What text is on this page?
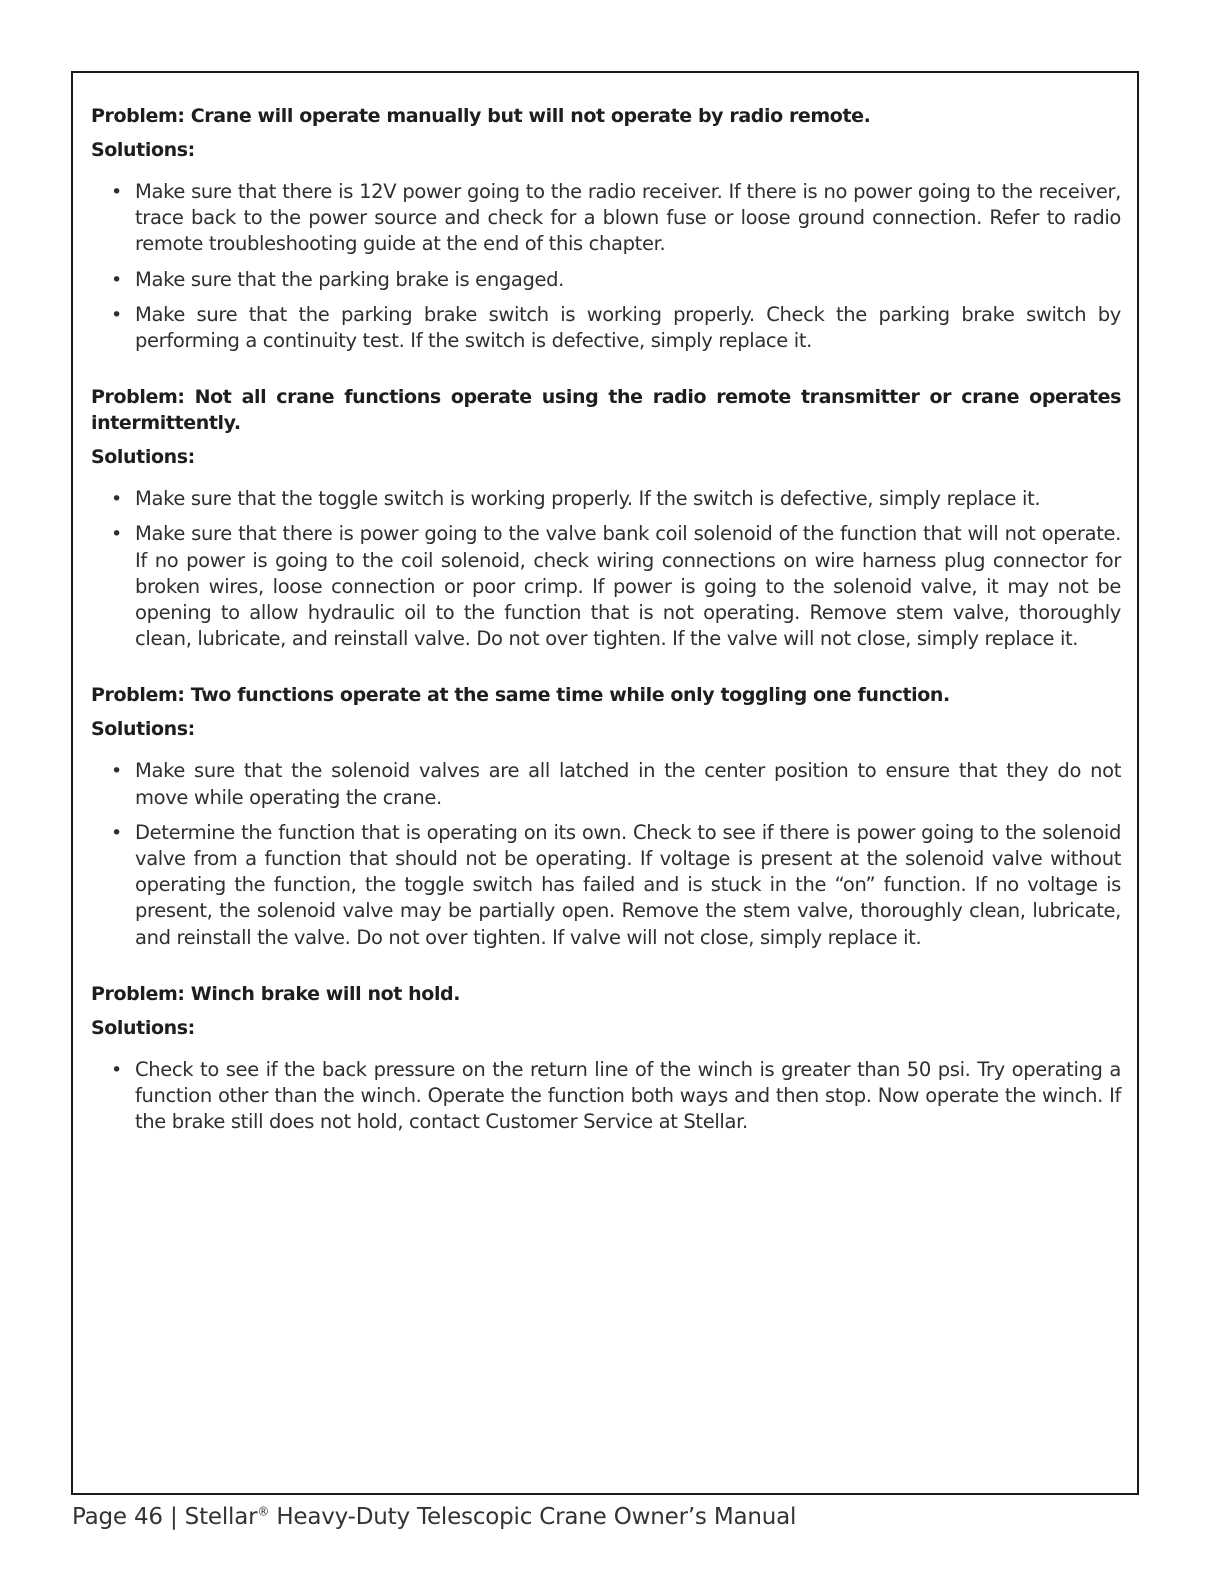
Problem: Crane will operate manually but will not operate by radio remote.
Solutions:
• Make sure that there is 12V power going to the radio receiver. If there is no power going to the receiver, trace back to the power source and check for a blown fuse or loose ground connection. Refer to radio remote troubleshooting guide at the end of this chapter.
• Make sure that the parking brake is engaged.
• Make sure that the parking brake switch is working properly. Check the parking brake switch by performing a continuity test. If the switch is defective, simply replace it.
Problem: Not all crane functions operate using the radio remote transmitter or crane operates intermittently.
Solutions:
• Make sure that the toggle switch is working properly. If the switch is defective, simply replace it.
• Make sure that there is power going to the valve bank coil solenoid of the function that will not operate. If no power is going to the coil solenoid, check wiring connections on wire harness plug connector for broken wires, loose connection or poor crimp. If power is going to the solenoid valve, it may not be opening to allow hydraulic oil to the function that is not operating. Remove stem valve, thoroughly clean, lubricate, and reinstall valve. Do not over tighten. If the valve will not close, simply replace it.
Problem: Two functions operate at the same time while only toggling one function.
Solutions:
• Make sure that the solenoid valves are all latched in the center position to ensure that they do not move while operating the crane.
• Determine the function that is operating on its own. Check to see if there is power going to the solenoid valve from a function that should not be operating. If voltage is present at the solenoid valve without operating the function, the toggle switch has failed and is stuck in the “on” function. If no voltage is present, the solenoid valve may be partially open. Remove the stem valve, thoroughly clean, lubricate, and reinstall the valve. Do not over tighten. If valve will not close, simply replace it.
Problem: Winch brake will not hold.
Solutions:
• Check to see if the back pressure on the return line of the winch is greater than 50 psi. Try operating a function other than the winch. Operate the function both ways and then stop. Now operate the winch. If the brake still does not hold, contact Customer Service at Stellar.
Page 46 | Stellar® Heavy-Duty Telescopic Crane Owner’s Manual
